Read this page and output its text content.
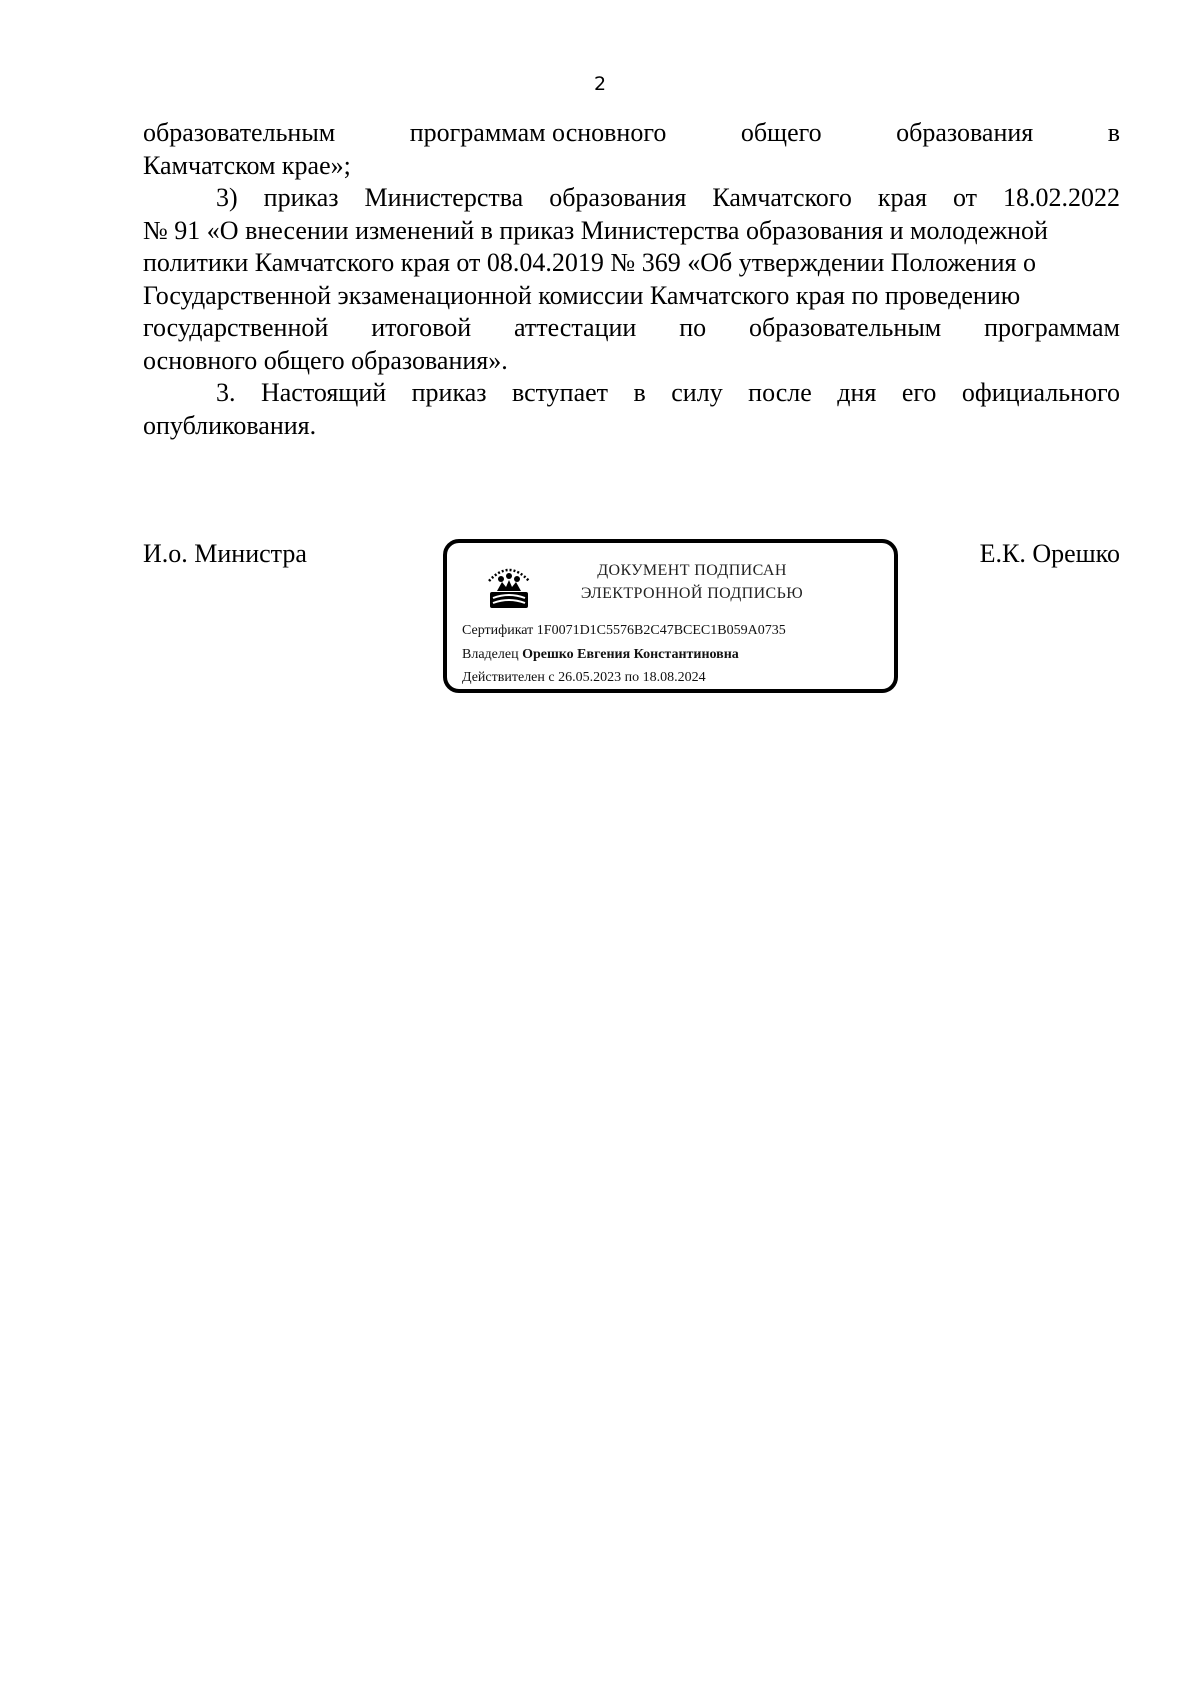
2
образовательным	программам основного	общего	образования	в
Камчатском крае»;
3) приказ Министерства образования Камчатского края от 18.02.2022
№ 91 «О внесении изменений в приказ Министерства образования и молодежной
политики Камчатского края от 08.04.2019 № 369 «Об утверждении Положения о
Государственной экзаменационной комиссии Камчатского края по проведению
государственной итоговой аттестации по образовательным программам
основного общего образования».
3. Настоящий приказ вступает в силу после дня его официального
опубликования.
И.о. Министра	Е.К. Орешко
ДОКУМЕНТ ПОДПИСАН
ЭЛЕКТРОННОЙ ПОДПИСЬЮ
Сертификат 1F0071D1C5576B2C47BCEC1B059A0735
Владелец Орешко Евгения Константиновна
Действителен с 26.05.2023 по 18.08.2024
